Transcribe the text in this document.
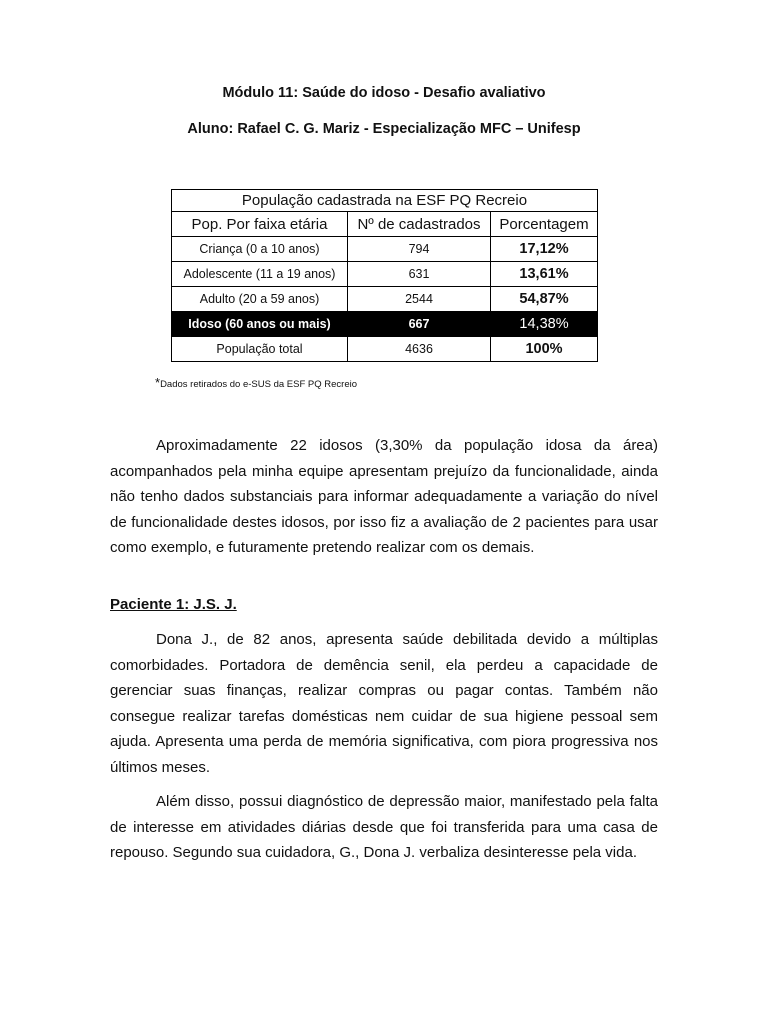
Módulo 11: Saúde do idoso - Desafio avaliativo

Aluno: Rafael C. G. Mariz - Especialização MFC – Unifesp

População cadastrada na ESF PQ Recreio		
Pop. Por faixa etária	Nº de cadastrados	Porcentagem
Criança (0 a 10 anos)	794	17,12%
Adolescente (11 a 19 anos)	631	13,61%
Adulto (20 a 59 anos)	2544	54,87%
Idoso (60 anos ou mais)	667	14,38%
População total	4636	100%

*Dados retirados do e-SUS da ESF PQ Recreio

Aproximadamente 22 idosos (3,30% da população idosa da área) acompanhados pela minha equipe apresentam prejuízo da funcionalidade, ainda não tenho dados substanciais para informar adequadamente a variação do nível de funcionalidade destes idosos, por isso fiz a avaliação de 2 pacientes para usar como exemplo, e futuramente pretendo realizar com os demais.

Paciente 1: J.S. J.

Dona J., de 82 anos, apresenta saúde debilitada devido a múltiplas comorbidades. Portadora de demência senil, ela perdeu a capacidade de gerenciar suas finanças, realizar compras ou pagar contas. Também não consegue realizar tarefas domésticas nem cuidar de sua higiene pessoal sem ajuda. Apresenta uma perda de memória significativa, com piora progressiva nos últimos meses.

Além disso, possui diagnóstico de depressão maior, manifestado pela falta de interesse em atividades diárias desde que foi transferida para uma casa de repouso. Segundo sua cuidadora, G., Dona J. verbaliza desinteresse pela vida.
